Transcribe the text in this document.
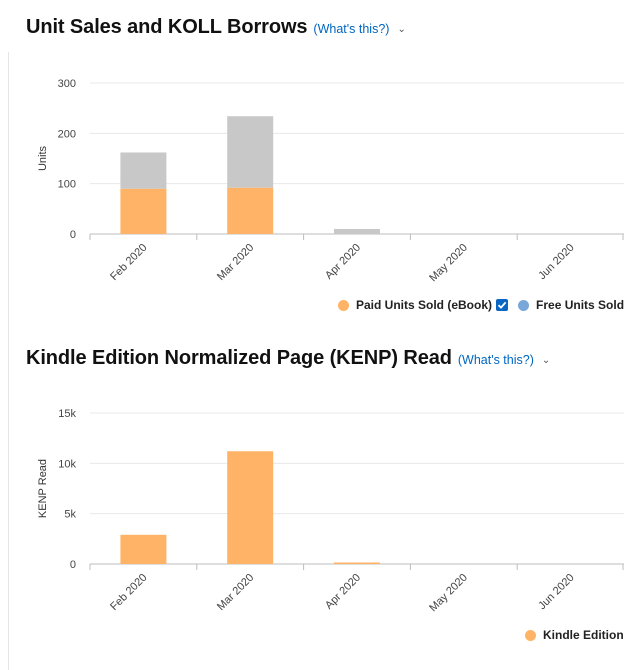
Unit Sales and KOLL Borrows (What's this?) ⌄
0
100
200
300
Units
Feb 2020	Mar 2020	Apr 2020	May 2020	Jun 2020
Paid Units Sold (eBook)	Free Units Sold
Kindle Edition Normalized Page (KENP) Read (What's this?) ⌄
0
5k
10k
15k
KENP Read
Feb 2020	Mar 2020	Apr 2020	May 2020	Jun 2020
Kindle Edition
